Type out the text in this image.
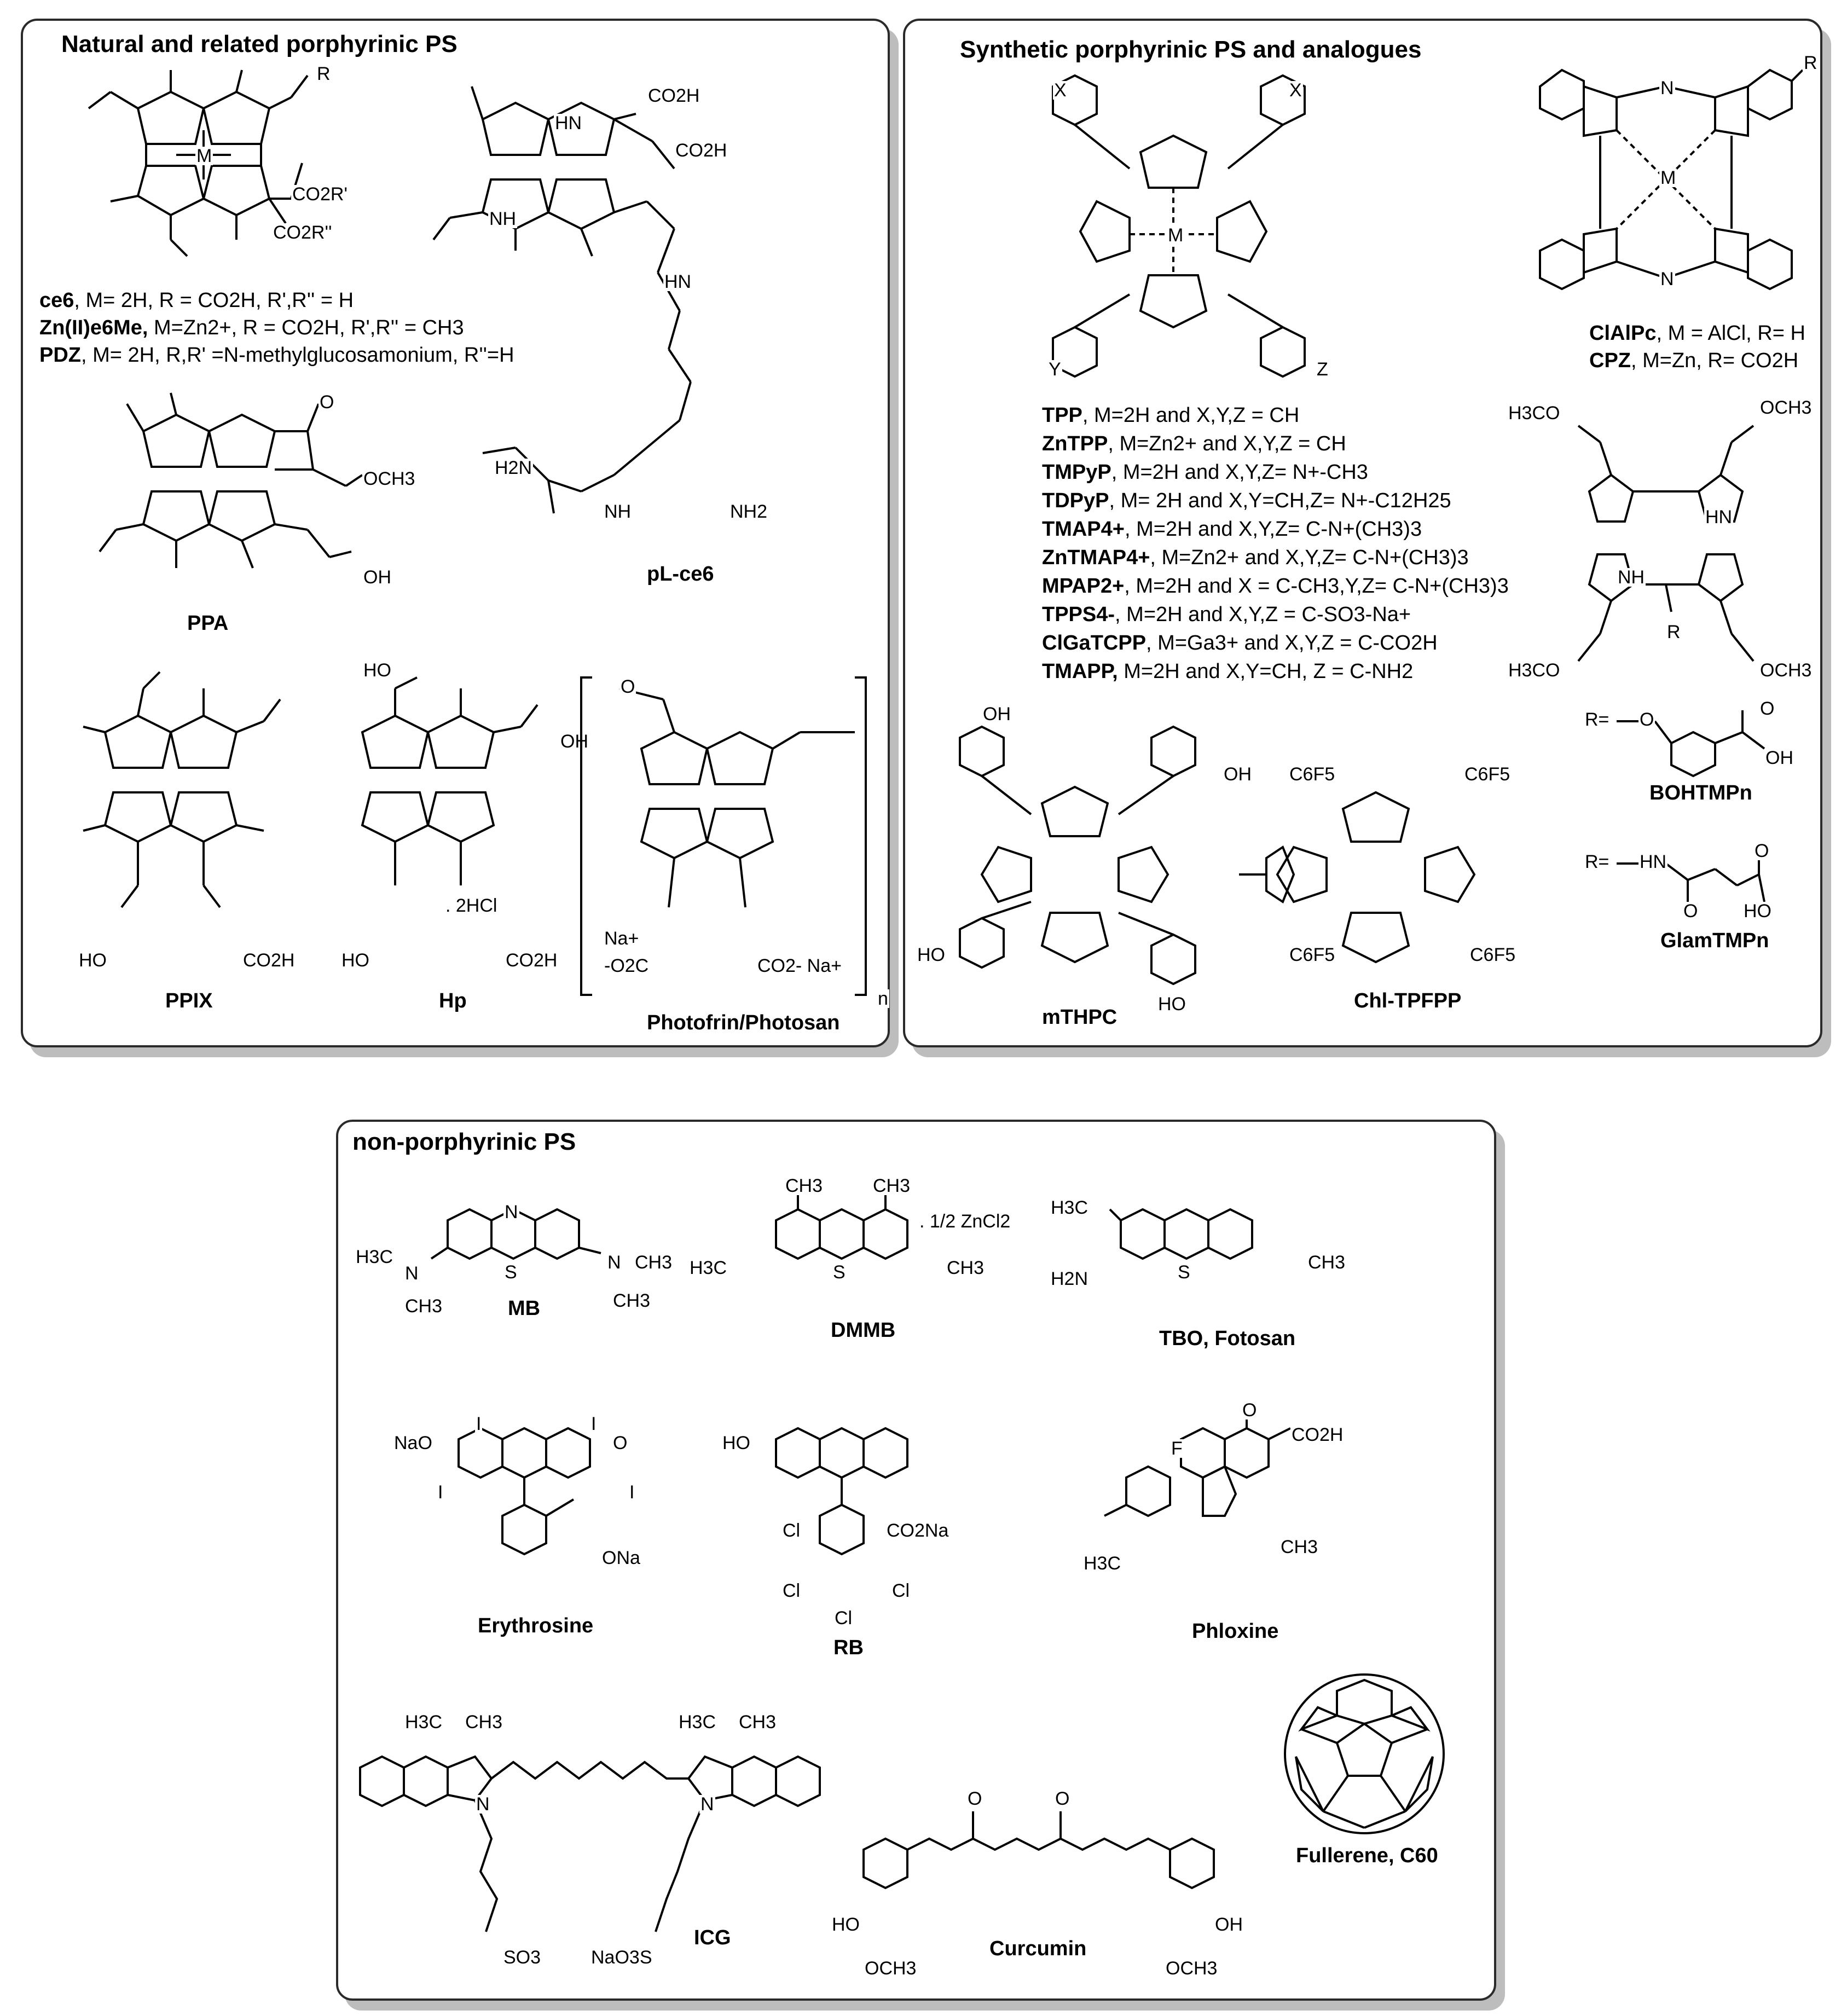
Natural and related porphyrinic PS
R
M
CO2R'
CO2R''
ce6, M= 2H, R = CO2H, R',R'' = H
Zn(II)e6Me, M=Zn2+, R = CO2H, R',R'' = CH3
PDZ, M= 2H, R,R' =N-methylglucosamonium, R''=H
HN
CO2H
CO2H
NH
HN
H2N
NH2
NH
pL-ce6
O
OCH3
OH
PPA
HO	CO2H
PPIX
HO
OH
. 2HCl
HO	CO2H
Hp
O
Na+
-O2C	CO2- Na+
n
Photofrin/Photosan
Synthetic porphyrinic PS and analogues
X	X
M
Y	Z
TPP, M=2H and X,Y,Z = CH
ZnTPP, M=Zn2+ and X,Y,Z = CH
TMPyP, M=2H and X,Y,Z= N+-CH3
TDPyP, M= 2H and X,Y=CH,Z= N+-C12H25
TMAP4+, M=2H and X,Y,Z= C-N+(CH3)3
ZnTMAP4+, M=Zn2+ and X,Y,Z= C-N+(CH3)3
MPAP2+, M=2H and X = C-CH3,Y,Z= C-N+(CH3)3
TPPS4-, M=2H and X,Y,Z = C-SO3-Na+
ClGaTCPP, M=Ga3+ and X,Y,Z = C-CO2H
TMAPP, M=2H and X,Y=CH, Z = C-NH2
R
N
M
N
ClAlPc, M = AlCl, R= H
CPZ, M=Zn, R= CO2H
H3CO	OCH3
HN
NH
R
H3CO	OCH3
R= O
O
OH
BOHTMPn
R= HN
O
O
HO
GlamTMPn
OH
OH
HO
HO
mTHPC
C6F5	C6F5
C6F5	C6F5
Chl-TPFPP
non-porphyrinic PS
H3C
N
CH3
N
S	N CH3
CH3
MB
CH3	CH3
. 1/2 ZnCl2
H3C	S	CH3
DMMB
H3C
H2N	S	CH3
TBO, Fotosan
NaO
I	I
O
I	I
ONa
Erythrosine
HO
Cl	CO2Na
Cl	Cl
Cl
RB
F
O
CO2H
H3C
CH3
Phloxine
Fullerene, C60
H3C CH3	H3C CH3
N	N
SO3	NaO3S
ICG
O	O
HO
OCH3
OH
OCH3
Curcumin
